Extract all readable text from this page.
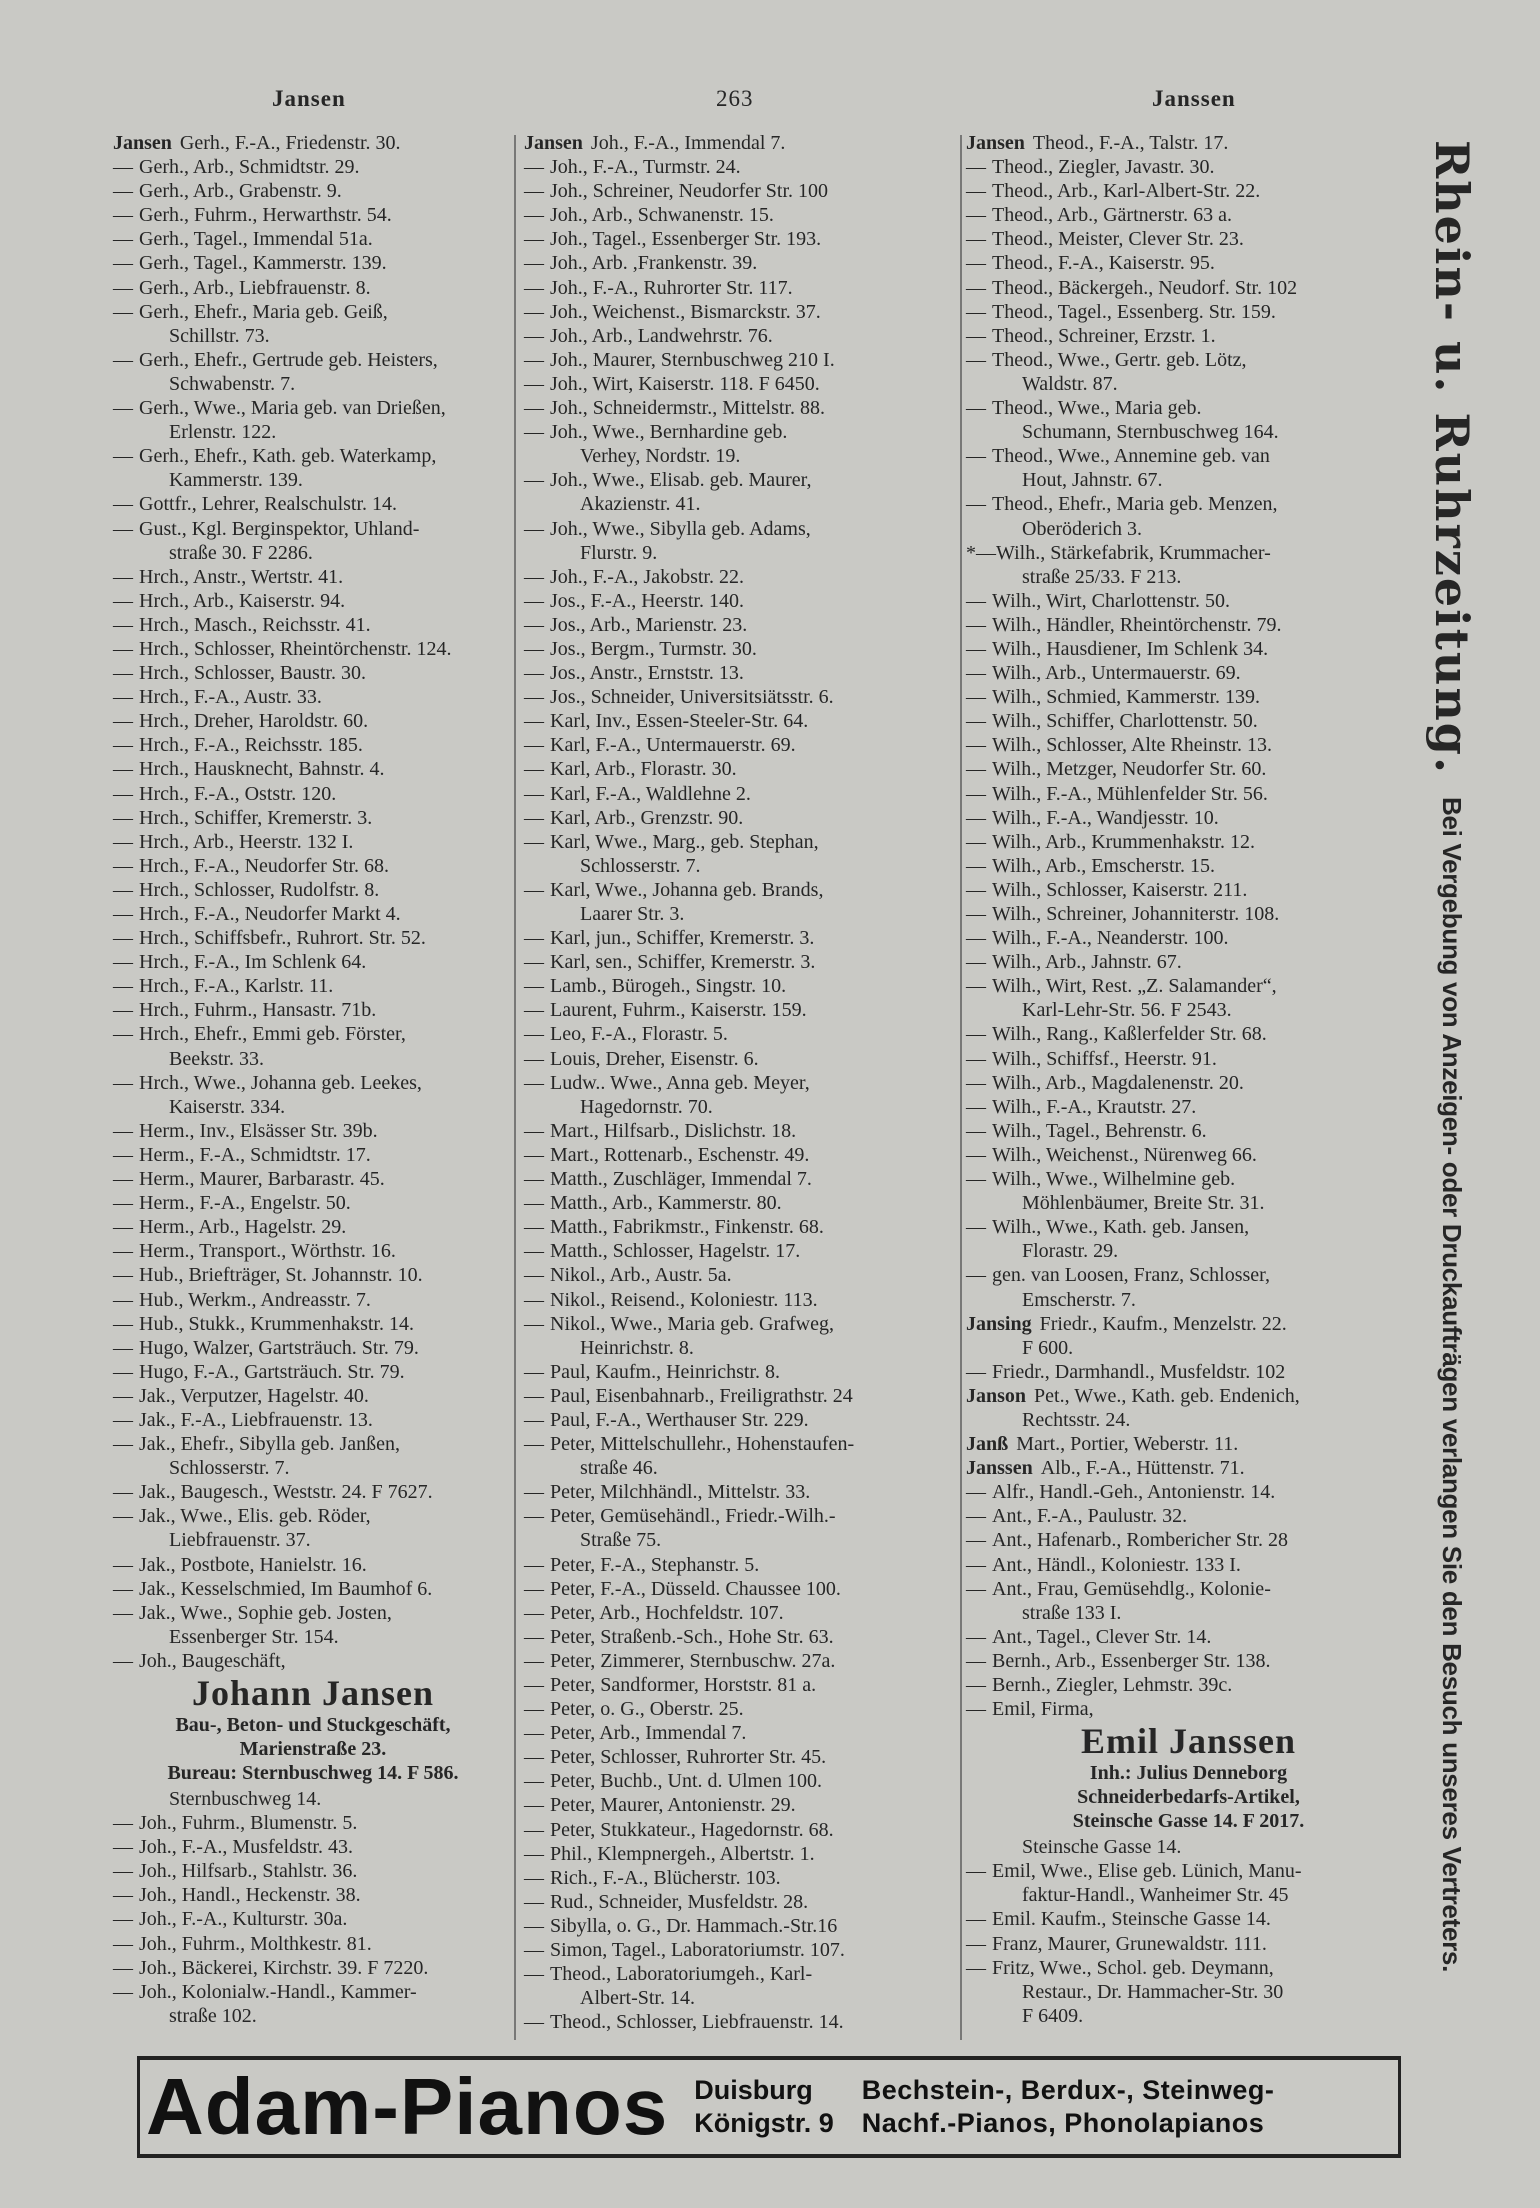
Jansen	263	Janssen
Jansen Gerh., F.-A., Friedenstr. 30.
— Gerh., Arb., Schmidtstr. 29.
— Gerh., Arb., Grabenstr. 9.
— Gerh., Fuhrm., Herwarthstr. 54.
— Gerh., Tagel., Immendal 51a.
— Gerh., Tagel., Kammerstr. 139.
— Gerh., Arb., Liebfrauenstr. 8.
— Gerh., Ehefr., Maria geb. Geiß,
Schillstr. 73.
— Gerh., Ehefr., Gertrude geb. Heisters,
Schwabenstr. 7.
— Gerh., Wwe., Maria geb. van Drießen,
Erlenstr. 122.
— Gerh., Ehefr., Kath. geb. Waterkamp,
Kammerstr. 139.
— Gottfr., Lehrer, Realschulstr. 14.
— Gust., Kgl. Berginspektor, Uhland-
straße 30. F 2286.
— Hrch., Anstr., Wertstr. 41.
— Hrch., Arb., Kaiserstr. 94.
— Hrch., Masch., Reichsstr. 41.
— Hrch., Schlosser, Rheintörchenstr. 124.
— Hrch., Schlosser, Baustr. 30.
— Hrch., F.-A., Austr. 33.
— Hrch., Dreher, Haroldstr. 60.
— Hrch., F.-A., Reichsstr. 185.
— Hrch., Hausknecht, Bahnstr. 4.
— Hrch., F.-A., Oststr. 120.
— Hrch., Schiffer, Kremerstr. 3.
— Hrch., Arb., Heerstr. 132 I.
— Hrch., F.-A., Neudorfer Str. 68.
— Hrch., Schlosser, Rudolfstr. 8.
— Hrch., F.-A., Neudorfer Markt 4.
— Hrch., Schiffsbefr., Ruhrort. Str. 52.
— Hrch., F.-A., Im Schlenk 64.
— Hrch., F.-A., Karlstr. 11.
— Hrch., Fuhrm., Hansastr. 71b.
— Hrch., Ehefr., Emmi geb. Förster,
Beekstr. 33.
— Hrch., Wwe., Johanna geb. Leekes,
Kaiserstr. 334.
— Herm., Inv., Elsässer Str. 39b.
— Herm., F.-A., Schmidtstr. 17.
— Herm., Maurer, Barbarastr. 45.
— Herm., F.-A., Engelstr. 50.
— Herm., Arb., Hagelstr. 29.
— Herm., Transport., Wörthstr. 16.
— Hub., Briefträger, St. Johannstr. 10.
— Hub., Werkm., Andreasstr. 7.
— Hub., Stukk., Krummenhakstr. 14.
— Hugo, Walzer, Gartsträuch. Str. 79.
— Hugo, F.-A., Gartsträuch. Str. 79.
— Jak., Verputzer, Hagelstr. 40.
— Jak., F.-A., Liebfrauenstr. 13.
— Jak., Ehefr., Sibylla geb. Janßen,
Schlosserstr. 7.
— Jak., Baugesch., Weststr. 24. F 7627.
— Jak., Wwe., Elis. geb. Röder,
Liebfrauenstr. 37.
— Jak., Postbote, Hanielstr. 16.
— Jak., Kesselschmied, Im Baumhof 6.
— Jak., Wwe., Sophie geb. Josten,
Essenberger Str. 154.
— Joh., Baugeschäft,
Johann Jansen
Bau-, Beton- und Stuckgeschäft,
Marienstraße 23.
Bureau: Sternbuschweg 14. F 586.
Sternbuschweg 14.
— Joh., Fuhrm., Blumenstr. 5.
— Joh., F.-A., Musfeldstr. 43.
— Joh., Hilfsarb., Stahlstr. 36.
— Joh., Handl., Heckenstr. 38.
— Joh., F.-A., Kulturstr. 30a.
— Joh., Fuhrm., Molthkestr. 81.
— Joh., Bäckerei, Kirchstr. 39. F 7220.
— Joh., Kolonialw.-Handl., Kammer-
straße 102.
Jansen Joh., F.-A., Immendal 7.
— Joh., F.-A., Turmstr. 24.
— Joh., Schreiner, Neudorfer Str. 100
— Joh., Arb., Schwanenstr. 15.
— Joh., Tagel., Essenberger Str. 193.
— Joh., Arb. ,Frankenstr. 39.
— Joh., F.-A., Ruhrorter Str. 117.
— Joh., Weichenst., Bismarckstr. 37.
— Joh., Arb., Landwehrstr. 76.
— Joh., Maurer, Sternbuschweg 210 I.
— Joh., Wirt, Kaiserstr. 118. F 6450.
— Joh., Schneidermstr., Mittelstr. 88.
— Joh., Wwe., Bernhardine geb.
Verhey, Nordstr. 19.
— Joh., Wwe., Elisab. geb. Maurer,
Akazienstr. 41.
— Joh., Wwe., Sibylla geb. Adams,
Flurstr. 9.
— Joh., F.-A., Jakobstr. 22.
— Jos., F.-A., Heerstr. 140.
— Jos., Arb., Marienstr. 23.
— Jos., Bergm., Turmstr. 30.
— Jos., Anstr., Ernststr. 13.
— Jos., Schneider, Universitsiätsstr. 6.
— Karl, Inv., Essen-Steeler-Str. 64.
— Karl, F.-A., Untermauerstr. 69.
— Karl, Arb., Florastr. 30.
— Karl, F.-A., Waldlehne 2.
— Karl, Arb., Grenzstr. 90.
— Karl, Wwe., Marg., geb. Stephan,
Schlosserstr. 7.
— Karl, Wwe., Johanna geb. Brands,
Laarer Str. 3.
— Karl, jun., Schiffer, Kremerstr. 3.
— Karl, sen., Schiffer, Kremerstr. 3.
— Lamb., Bürogeh., Singstr. 10.
— Laurent, Fuhrm., Kaiserstr. 159.
— Leo, F.-A., Florastr. 5.
— Louis, Dreher, Eisenstr. 6.
— Ludw.. Wwe., Anna geb. Meyer,
Hagedornstr. 70.
— Mart., Hilfsarb., Dislichstr. 18.
— Mart., Rottenarb., Eschenstr. 49.
— Matth., Zuschläger, Immendal 7.
— Matth., Arb., Kammerstr. 80.
— Matth., Fabrikmstr., Finkenstr. 68.
— Matth., Schlosser, Hagelstr. 17.
— Nikol., Arb., Austr. 5a.
— Nikol., Reisend., Koloniestr. 113.
— Nikol., Wwe., Maria geb. Grafweg,
Heinrichstr. 8.
— Paul, Kaufm., Heinrichstr. 8.
— Paul, Eisenbahnarb., Freiligrathstr. 24
— Paul, F.-A., Werthauser Str. 229.
— Peter, Mittelschullehr., Hohenstaufen-
straße 46.
— Peter, Milchhändl., Mittelstr. 33.
— Peter, Gemüsehändl., Friedr.-Wilh.-
Straße 75.
— Peter, F.-A., Stephanstr. 5.
— Peter, F.-A., Düsseld. Chaussee 100.
— Peter, Arb., Hochfeldstr. 107.
— Peter, Straßenb.-Sch., Hohe Str. 63.
— Peter, Zimmerer, Sternbuschw. 27a.
— Peter, Sandformer, Horststr. 81 a.
— Peter, o. G., Oberstr. 25.
— Peter, Arb., Immendal 7.
— Peter, Schlosser, Ruhrorter Str. 45.
— Peter, Buchb., Unt. d. Ulmen 100.
— Peter, Maurer, Antonienstr. 29.
— Peter, Stukkateur., Hagedornstr. 68.
— Phil., Klempnergeh., Albertstr. 1.
— Rich., F.-A., Blücherstr. 103.
— Rud., Schneider, Musfeldstr. 28.
— Sibylla, o. G., Dr. Hammach.-Str.16
— Simon, Tagel., Laboratoriumstr. 107.
— Theod., Laboratoriumgeh., Karl-
Albert-Str. 14.
— Theod., Schlosser, Liebfrauenstr. 14.
Jansen Theod., F.-A., Talstr. 17.
— Theod., Ziegler, Javastr. 30.
— Theod., Arb., Karl-Albert-Str. 22.
— Theod., Arb., Gärtnerstr. 63 a.
— Theod., Meister, Clever Str. 23.
— Theod., F.-A., Kaiserstr. 95.
— Theod., Bäckergeh., Neudorf. Str. 102
— Theod., Tagel., Essenberg. Str. 159.
— Theod., Schreiner, Erzstr. 1.
— Theod., Wwe., Gertr. geb. Lötz,
Waldstr. 87.
— Theod., Wwe., Maria geb.
Schumann, Sternbuschweg 164.
— Theod., Wwe., Annemine geb. van
Hout, Jahnstr. 67.
— Theod., Ehefr., Maria geb. Menzen,
Oberöderich 3.
*—Wilh., Stärkefabrik, Krummacher-
straße 25/33. F 213.
— Wilh., Wirt, Charlottenstr. 50.
— Wilh., Händler, Rheintörchenstr. 79.
— Wilh., Hausdiener, Im Schlenk 34.
— Wilh., Arb., Untermauerstr. 69.
— Wilh., Schmied, Kammerstr. 139.
— Wilh., Schiffer, Charlottenstr. 50.
— Wilh., Schlosser, Alte Rheinstr. 13.
— Wilh., Metzger, Neudorfer Str. 60.
— Wilh., F.-A., Mühlenfelder Str. 56.
— Wilh., F.-A., Wandjesstr. 10.
— Wilh., Arb., Krummenhakstr. 12.
— Wilh., Arb., Emscherstr. 15.
— Wilh., Schlosser, Kaiserstr. 211.
— Wilh., Schreiner, Johanniterstr. 108.
— Wilh., F.-A., Neanderstr. 100.
— Wilh., Arb., Jahnstr. 67.
— Wilh., Wirt, Rest. „Z. Salamander“,
Karl-Lehr-Str. 56. F 2543.
— Wilh., Rang., Kaßlerfelder Str. 68.
— Wilh., Schiffsf., Heerstr. 91.
— Wilh., Arb., Magdalenenstr. 20.
— Wilh., F.-A., Krautstr. 27.
— Wilh., Tagel., Behrenstr. 6.
— Wilh., Weichenst., Nürenweg 66.
— Wilh., Wwe., Wilhelmine geb.
Möhlenbäumer, Breite Str. 31.
— Wilh., Wwe., Kath. geb. Jansen,
Florastr. 29.
— gen. van Loosen, Franz, Schlosser,
Emscherstr. 7.
Jansing Friedr., Kaufm., Menzelstr. 22.
F 600.
— Friedr., Darmhandl., Musfeldstr. 102
Janson Pet., Wwe., Kath. geb. Endenich,
Rechtsstr. 24.
Janß Mart., Portier, Weberstr. 11.
Janssen Alb., F.-A., Hüttenstr. 71.
— Alfr., Handl.-Geh., Antonienstr. 14.
— Ant., F.-A., Paulustr. 32.
— Ant., Hafenarb., Rombericher Str. 28
— Ant., Händl., Koloniestr. 133 I.
— Ant., Frau, Gemüsehdlg., Kolonie-
straße 133 I.
— Ant., Tagel., Clever Str. 14.
— Bernh., Arb., Essenberger Str. 138.
— Bernh., Ziegler, Lehmstr. 39c.
— Emil, Firma,
Emil Janssen
Inh.: Julius Denneborg
Schneiderbedarfs-Artikel,
Steinsche Gasse 14. F 2017.
Steinsche Gasse 14.
— Emil, Wwe., Elise geb. Lünich, Manu-
faktur-Handl., Wanheimer Str. 45
— Emil. Kaufm., Steinsche Gasse 14.
— Franz, Maurer, Grunewaldstr. 111.
— Fritz, Wwe., Schol. geb. Deymann,
Restaur., Dr. Hammacher-Str. 30
F 6409.
Rhein- u. Ruhrzeitung.
Bei Vergebung von Anzeigen- oder Druckaufträgen verlangen Sie den Besuch unseres Vertreters.
Adam-Pianos Duisburg
Königstr. 9
Bechstein-, Berdux-, Steinweg-
Nachf.-Pianos, Phonolapianos
